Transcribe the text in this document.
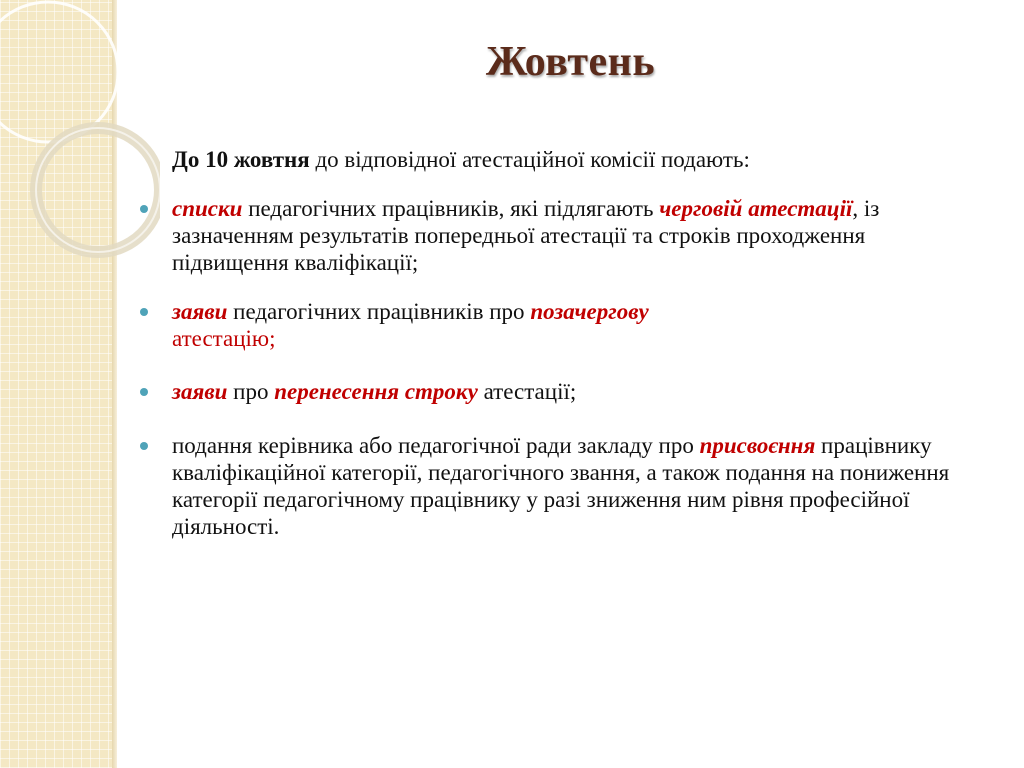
Жовтень

До 10 жовтня до відповідної атестаційної комісії подають:

списки педагогічних працівників, які підлягають черговій атестації, із зазначенням результатів попередньої атестації та строків проходження підвищення кваліфікації;

заяви педагогічних працівників про позачергову
атестацію;

заяви про перенесення строку атестації;

подання керівника або педагогічної ради закладу про присвоєння працівнику кваліфікаційної категорії, педагогічного звання, а також подання на пониження категорії педагогічному працівнику у разі зниження ним рівня професійної діяльності.
